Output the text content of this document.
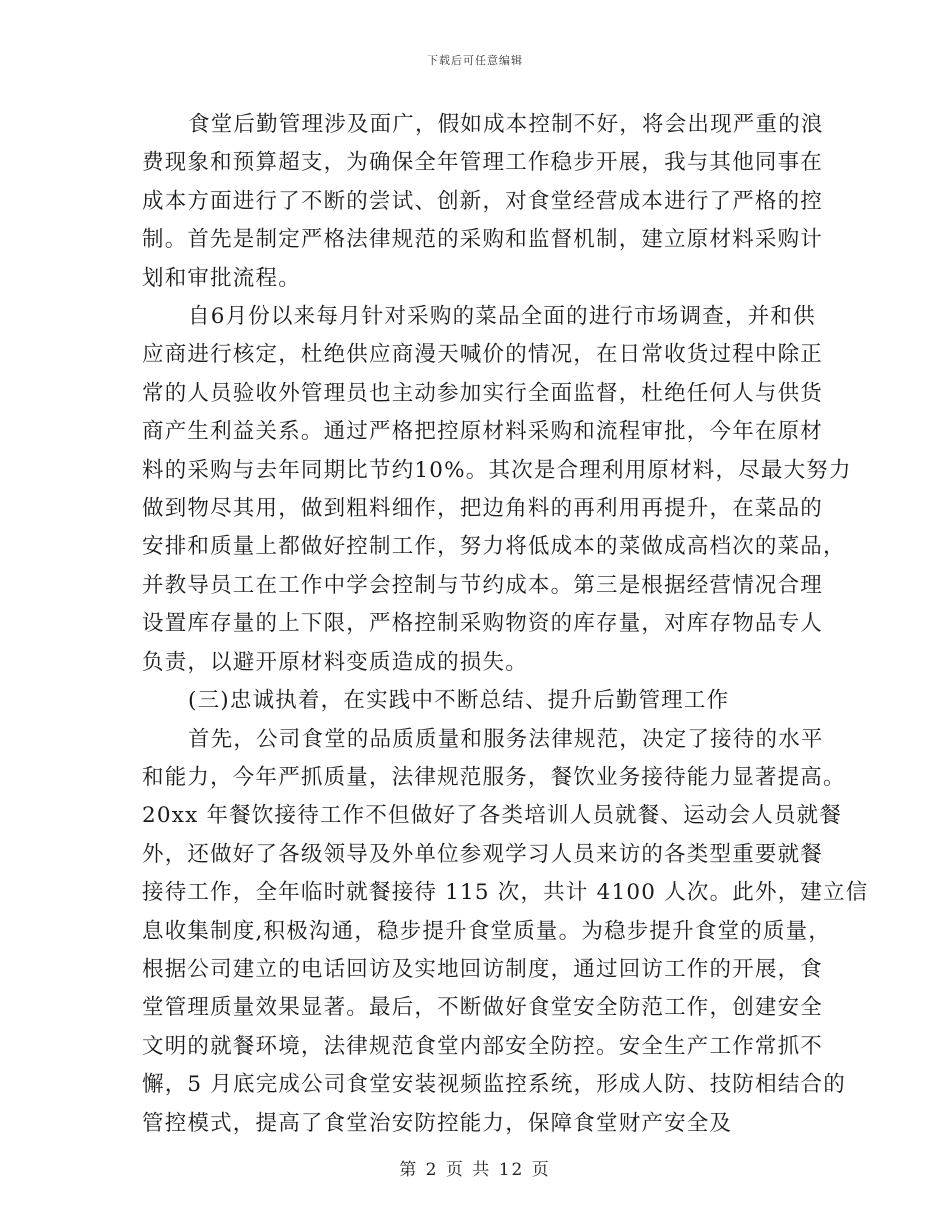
下载后可任意编辑
食堂后勤管理涉及面广，假如成本控制不好，将会出现严重的浪
费现象和预算超支，为确保全年管理工作稳步开展，我与其他同事在
成本方面进行了不断的尝试、创新，对食堂经营成本进行了严格的控
制。首先是制定严格法律规范的采购和监督机制，建立原材料采购计
划和审批流程。
自6月份以来每月针对采购的菜品全面的进行市场调查，并和供
应商进行核定，杜绝供应商漫天喊价的情况，在日常收货过程中除正
常的人员验收外管理员也主动参加实行全面监督，杜绝任何人与供货
商产生利益关系。通过严格把控原材料采购和流程审批，今年在原材
料的采购与去年同期比节约10%。其次是合理利用原材料，尽最大努力
做到物尽其用，做到粗料细作，把边角料的再利用再提升，在菜品的
安排和质量上都做好控制工作，努力将低成本的菜做成高档次的菜品，
并教导员工在工作中学会控制与节约成本。第三是根据经营情况合理
设置库存量的上下限，严格控制采购物资的库存量，对库存物品专人
负责，以避开原材料变质造成的损失。
(三)忠诚执着，在实践中不断总结、提升后勤管理工作
首先，公司食堂的品质质量和服务法律规范，决定了接待的水平
和能力，今年严抓质量，法律规范服务，餐饮业务接待能力显著提高。
20xx 年餐饮接待工作不但做好了各类培训人员就餐、运动会人员就餐
外，还做好了各级领导及外单位参观学习人员来访的各类型重要就餐
接待工作，全年临时就餐接待 115 次，共计 4100 人次。此外，建立信
息收集制度,积极沟通，稳步提升食堂质量。为稳步提升食堂的质量，
根据公司建立的电话回访及实地回访制度，通过回访工作的开展，食
堂管理质量效果显著。最后，不断做好食堂安全防范工作，创建安全
文明的就餐环境，法律规范食堂内部安全防控。安全生产工作常抓不
懈，5 月底完成公司食堂安装视频监控系统，形成人防、技防相结合的
管控模式，提高了食堂治安防控能力，保障食堂财产安全及
第 2 页 共 12 页
